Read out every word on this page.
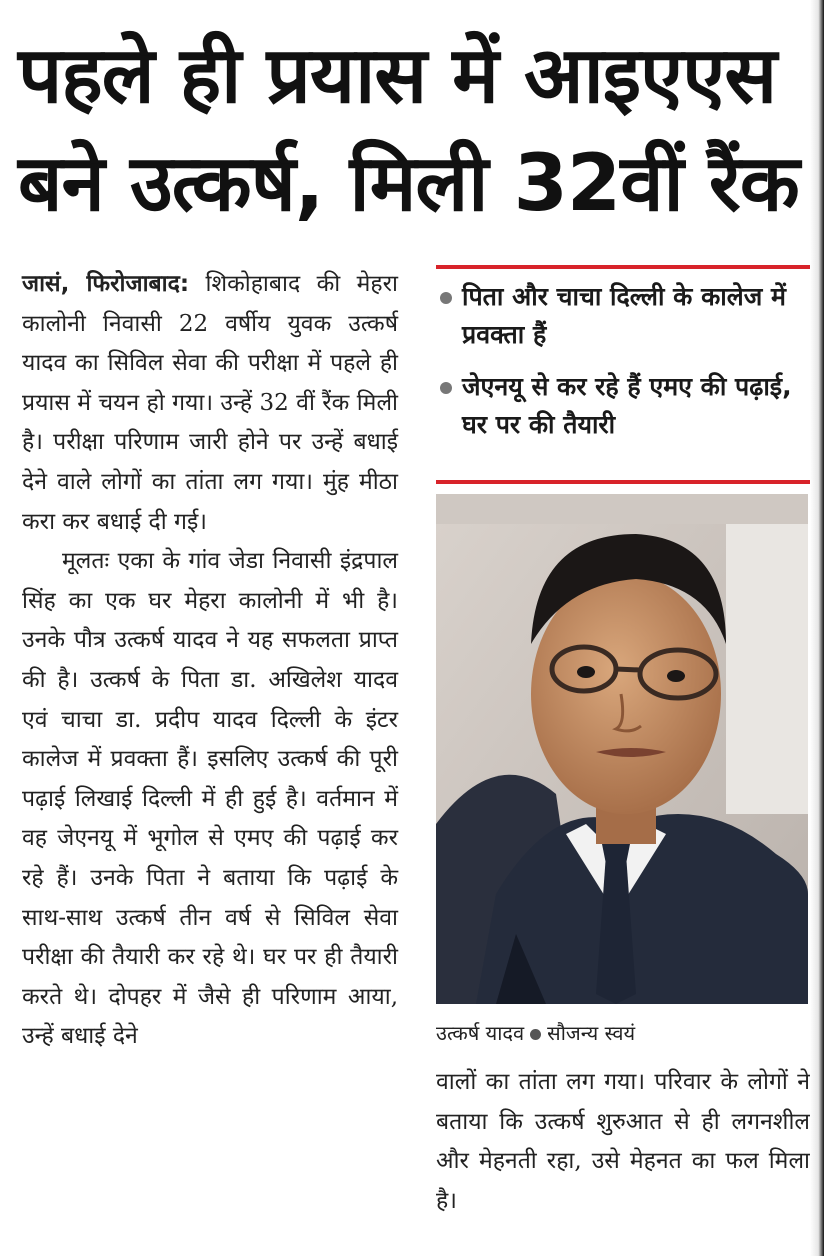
पहले ही प्रयास में आइएएस
बने उत्कर्ष, मिली 32वीं रैंक

जासं, फिरोजाबाद: शिकोहाबाद की मेहरा कालोनी निवासी 22 वर्षीय युवक उत्कर्ष यादव का सिविल सेवा की परीक्षा में पहले ही प्रयास में चयन हो गया। उन्हें 32 वीं रैंक मिली है। परीक्षा परिणाम जारी होने पर उन्हें बधाई देने वाले लोगों का तांता लग गया। मुंह मीठा करा कर बधाई दी गई।

मूलतः एका के गांव जेडा निवासी इंद्रपाल सिंह का एक घर मेहरा कालोनी में भी है। उनके पौत्र उत्कर्ष यादव ने यह सफलता प्राप्त की है। उत्कर्ष के पिता डा. अखिलेश यादव एवं चाचा डा. प्रदीप यादव दिल्ली के इंटर कालेज में प्रवक्ता हैं। इसलिए उत्कर्ष की पूरी पढ़ाई लिखाई दिल्ली में ही हुई है। वर्तमान में वह जेएनयू में भूगोल से एमए की पढ़ाई कर रहे हैं। उनके पिता ने बताया कि पढ़ाई के साथ-साथ उत्कर्ष तीन वर्ष से सिविल सेवा परीक्षा की तैयारी कर रहे थे। घर पर ही तैयारी करते थे। दोपहर में जैसे ही परिणाम आया, उन्हें बधाई देने

पिता और चाचा दिल्ली के कालेज में प्रवक्ता हैं
जेएनयू से कर रहे हैं एमए की पढ़ाई, घर पर की तैयारी
उत्कर्ष यादव सौजन्य स्वयं

वालों का तांता लग गया। परिवार के लोगों ने बताया कि उत्कर्ष शुरुआत से ही लगनशील और मेहनती रहा, उसे मेहनत का फल मिला है।
